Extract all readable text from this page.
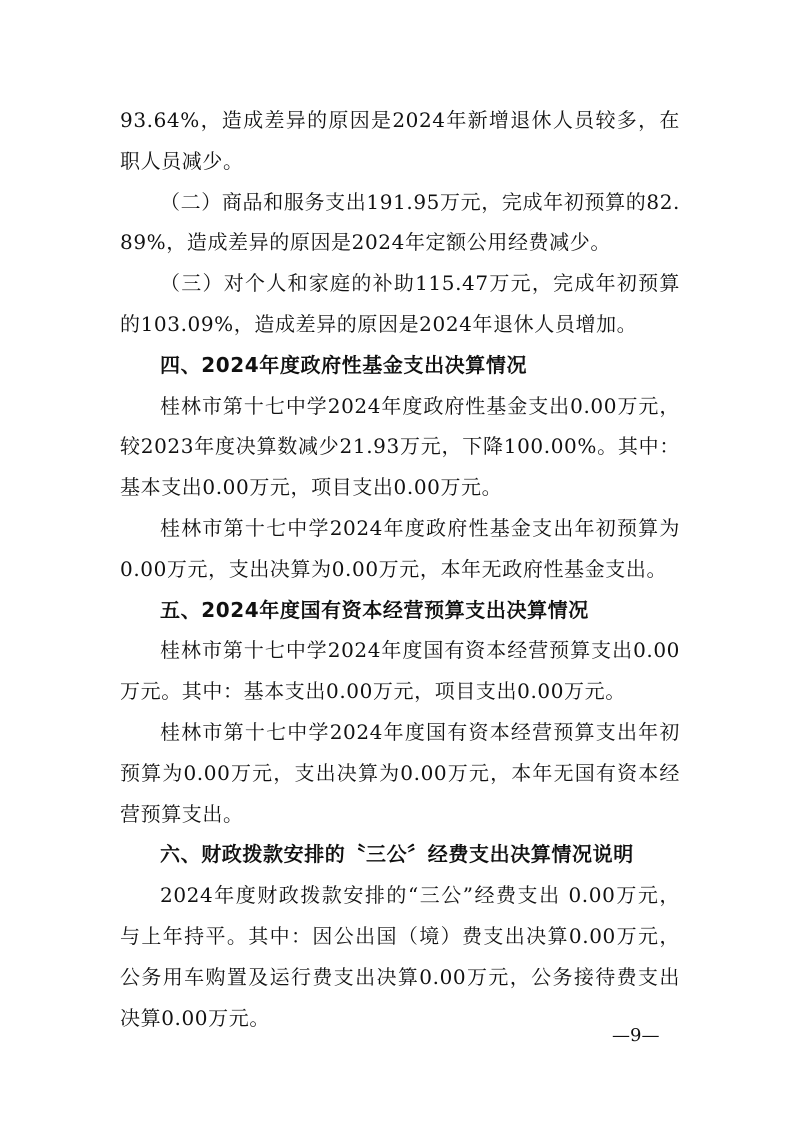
93.64%，造成差异的原因是2024年新增退休人员较多，在职人员减少。

（二）商品和服务支出191.95万元，完成年初预算的82.89%，造成差异的原因是2024年定额公用经费减少。

（三）对个人和家庭的补助115.47万元，完成年初预算的103.09%，造成差异的原因是2024年退休人员增加。

四、2024年度政府性基金支出决算情况

桂林市第十七中学2024年度政府性基金支出0.00万元，较2023年度决算数减少21.93万元，下降100.00%。其中：基本支出0.00万元，项目支出0.00万元。

桂林市第十七中学2024年度政府性基金支出年初预算为0.00万元，支出决算为0.00万元，本年无政府性基金支出。

五、2024年度国有资本经营预算支出决算情况

桂林市第十七中学2024年度国有资本经营预算支出0.00万元。其中：基本支出0.00万元，项目支出0.00万元。

桂林市第十七中学2024年度国有资本经营预算支出年初预算为0.00万元，支出决算为0.00万元，本年无国有资本经营预算支出。

六、财政拨款安排的〝三公〞经费支出决算情况说明

2024年度财政拨款安排的“三公”经费支出 0.00万元，与上年持平。其中：因公出国（境）费支出决算0.00万元，公务用车购置及运行费支出决算0.00万元，公务接待费支出决算0.00万元。

—9—
